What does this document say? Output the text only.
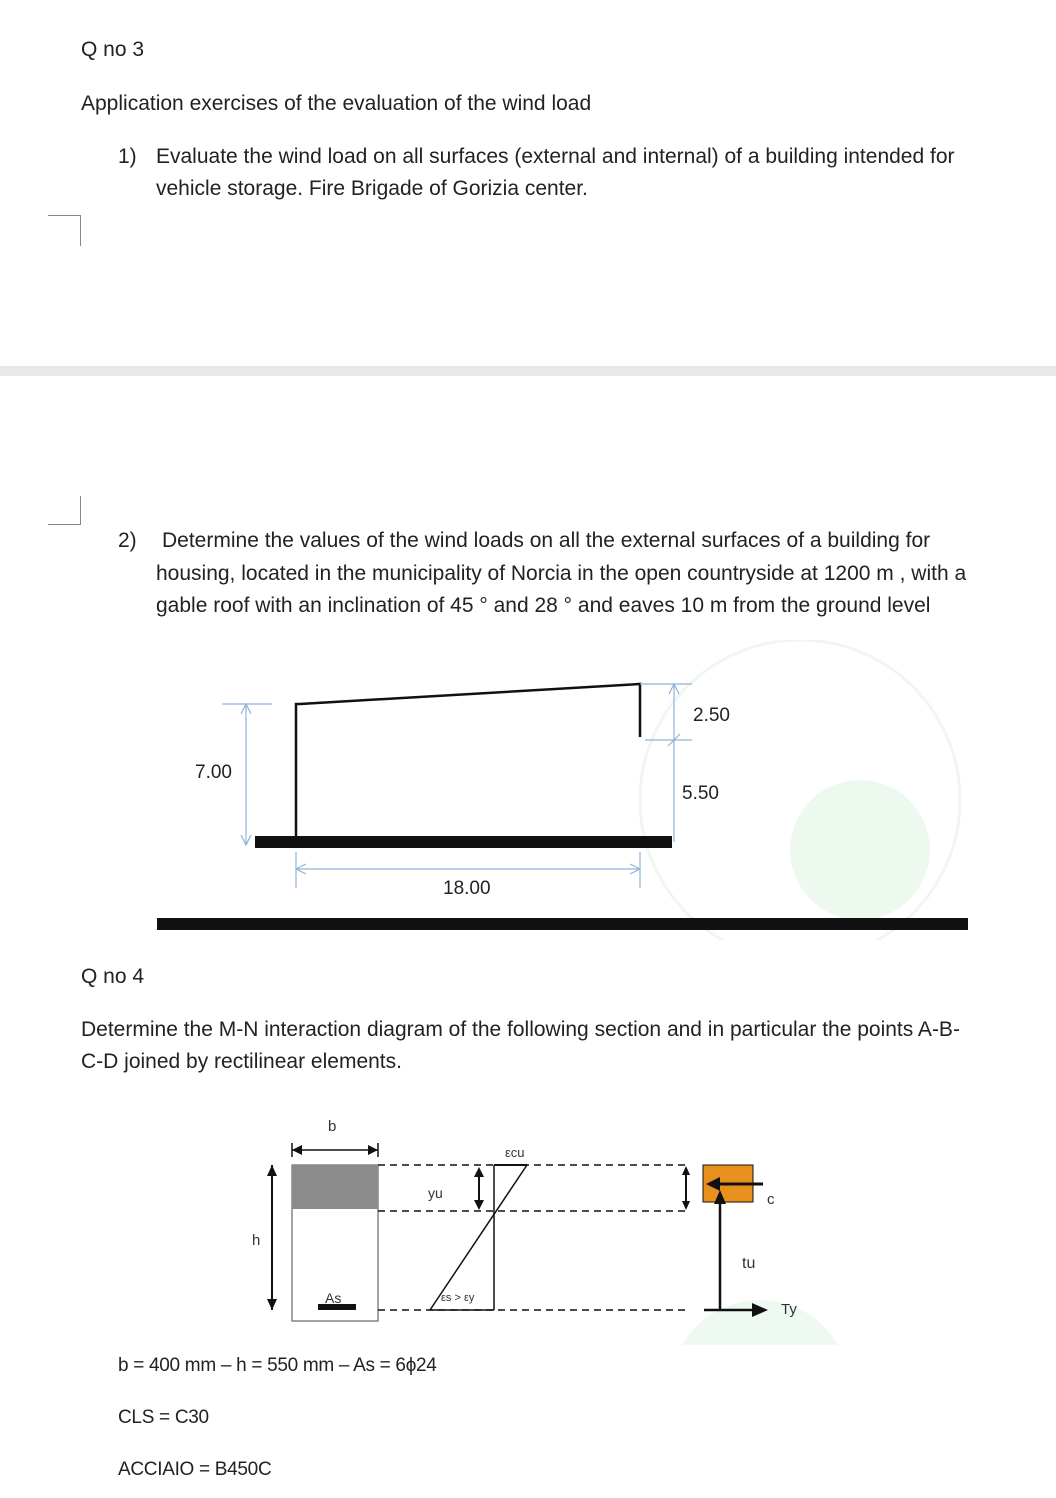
Q no 3
Application exercises of the evaluation of the wind load
1) Evaluate the wind load on all surfaces (external and internal) of a building intended for
vehicle storage. Fire Brigade of Gorizia center.
2) Determine the values of the wind loads on all the external surfaces of a building for
housing, located in the municipality of Norcia in the open countryside at 1200 m , with a
gable roof with an inclination of 45 ° and 28 ° and eaves 10 m from the ground level
7.00
2.50
5.50
18.00
Q no 4
Determine the M-N interaction diagram of the following section and in particular the points A-B-
C-D joined by rectilinear elements.
b
h
As
yu
εcu
εs > εy
c
tu
Ty
b = 400 mm – h = 550 mm – As = 6ϕ24
CLS = C30
ACCIAIO = B450C
